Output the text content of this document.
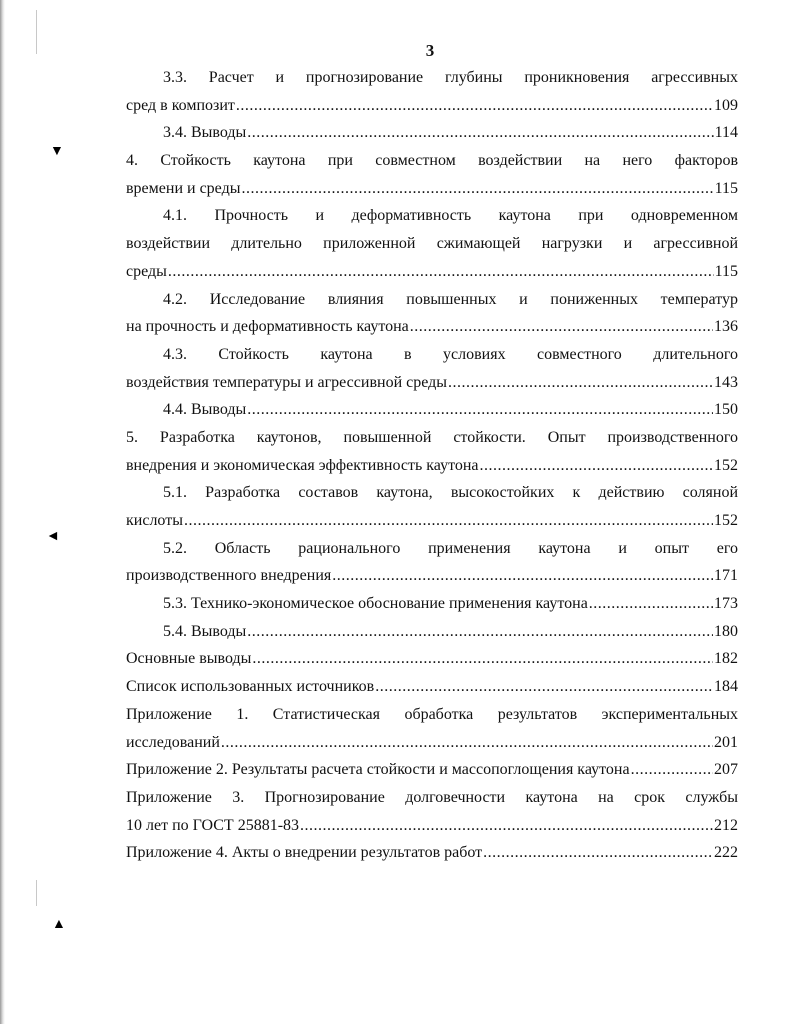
▼
◄
▲
3
3.3. Расчет и прогнозирование глубины проникновения агрессивных
сред в композит .....	109
3.4. Выводы .....	114
4. Стойкость каутона при совместном воздействии на него факторов
времени и среды .....	115
4.1. Прочность и деформативность каутона при одновременном
воздействии длительно приложенной сжимающей нагрузки и агрессивной
среды .....	115
4.2. Исследование влияния повышенных и пониженных температур
на прочность и деформативность каутона .....	136
4.3. Стойкость каутона в условиях совместного длительного
воздействия температуры и агрессивной среды .....	143
4.4. Выводы .....	150
5. Разработка каутонов, повышенной стойкости. Опыт производственного
внедрения и экономическая эффективность каутона .....	152
5.1. Разработка составов каутона, высокостойких к действию соляной
кислоты .....	152
5.2. Область рационального применения каутона и опыт его
производственного внедрения .....	171
5.3. Технико-экономическое обоснование применения каутона .....	173
5.4. Выводы .....	180
Основные выводы .....	182
Список использованных источников .....	184
Приложение 1. Статистическая обработка результатов экспериментальных
исследований .....	201
Приложение 2. Результаты расчета стойкости и массопоглощения каутона .....	207
Приложение 3. Прогнозирование долговечности каутона на срок службы
10 лет по ГОСТ 25881-83 .....	212
Приложение 4. Акты о внедрении результатов работ .....	222
